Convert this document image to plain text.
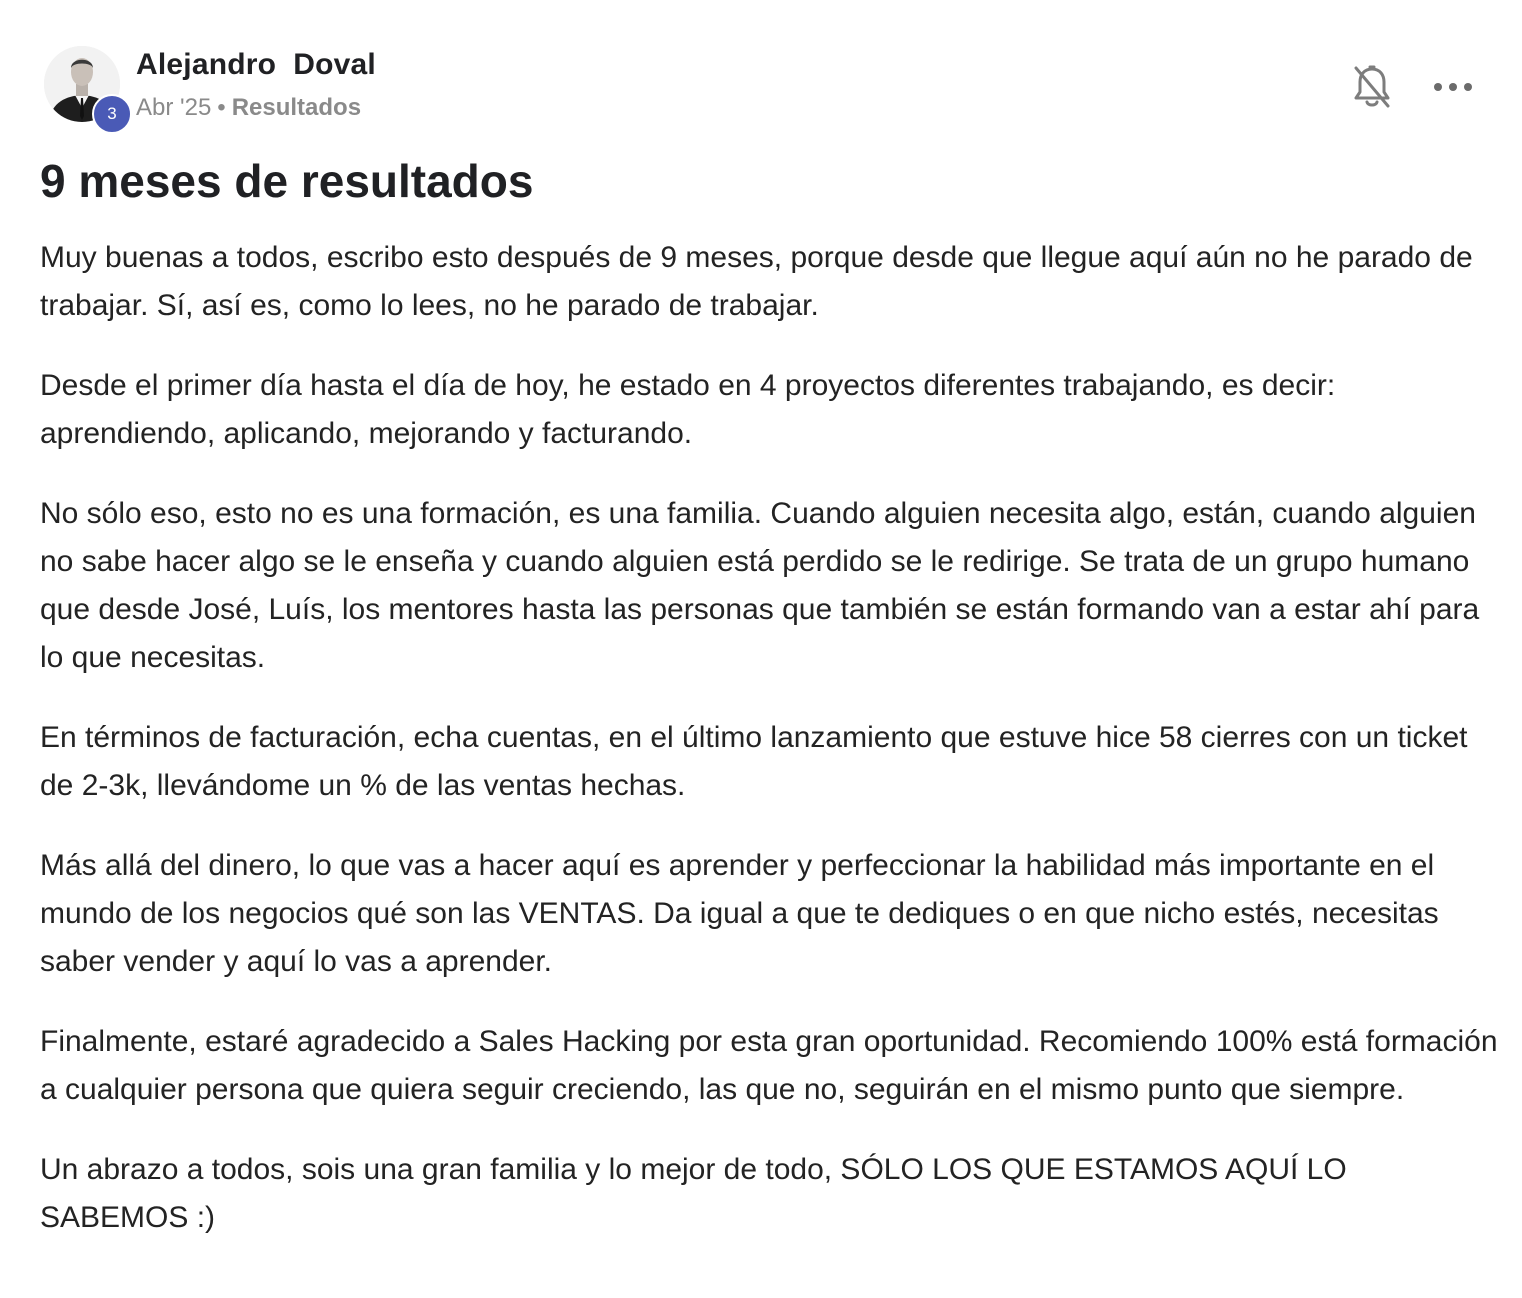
3
Alejandro  Doval
Abr '25 • Resultados
9 meses de resultados

Muy buenas a todos, escribo esto después de 9 meses, porque desde que llegue aquí aún no he parado de trabajar. Sí, así es, como lo lees, no he parado de trabajar.

Desde el primer día hasta el día de hoy, he estado en 4 proyectos diferentes trabajando, es decir: aprendiendo, aplicando, mejorando y facturando.

No sólo eso, esto no es una formación, es una familia. Cuando alguien necesita algo, están, cuando alguien no sabe hacer algo se le enseña y cuando alguien está perdido se le redirige. Se trata de un grupo humano que desde José, Luís, los mentores hasta las personas que también se están formando van a estar ahí para lo que necesitas.

En términos de facturación, echa cuentas, en el último lanzamiento que estuve hice 58 cierres con un ticket de 2-3k, llevándome un % de las ventas hechas.

Más allá del dinero, lo que vas a hacer aquí es aprender y perfeccionar la habilidad más importante en el mundo de los negocios qué son las VENTAS. Da igual a que te dediques o en que nicho estés, necesitas saber vender y aquí lo vas a aprender.

Finalmente, estaré agradecido a Sales Hacking por esta gran oportunidad. Recomiendo 100% está formación a cualquier persona que quiera seguir creciendo, las que no, seguirán en el mismo punto que siempre.

Un abrazo a todos, sois una gran familia y lo mejor de todo, SÓLO LOS QUE ESTAMOS AQUÍ LO SABEMOS :)
